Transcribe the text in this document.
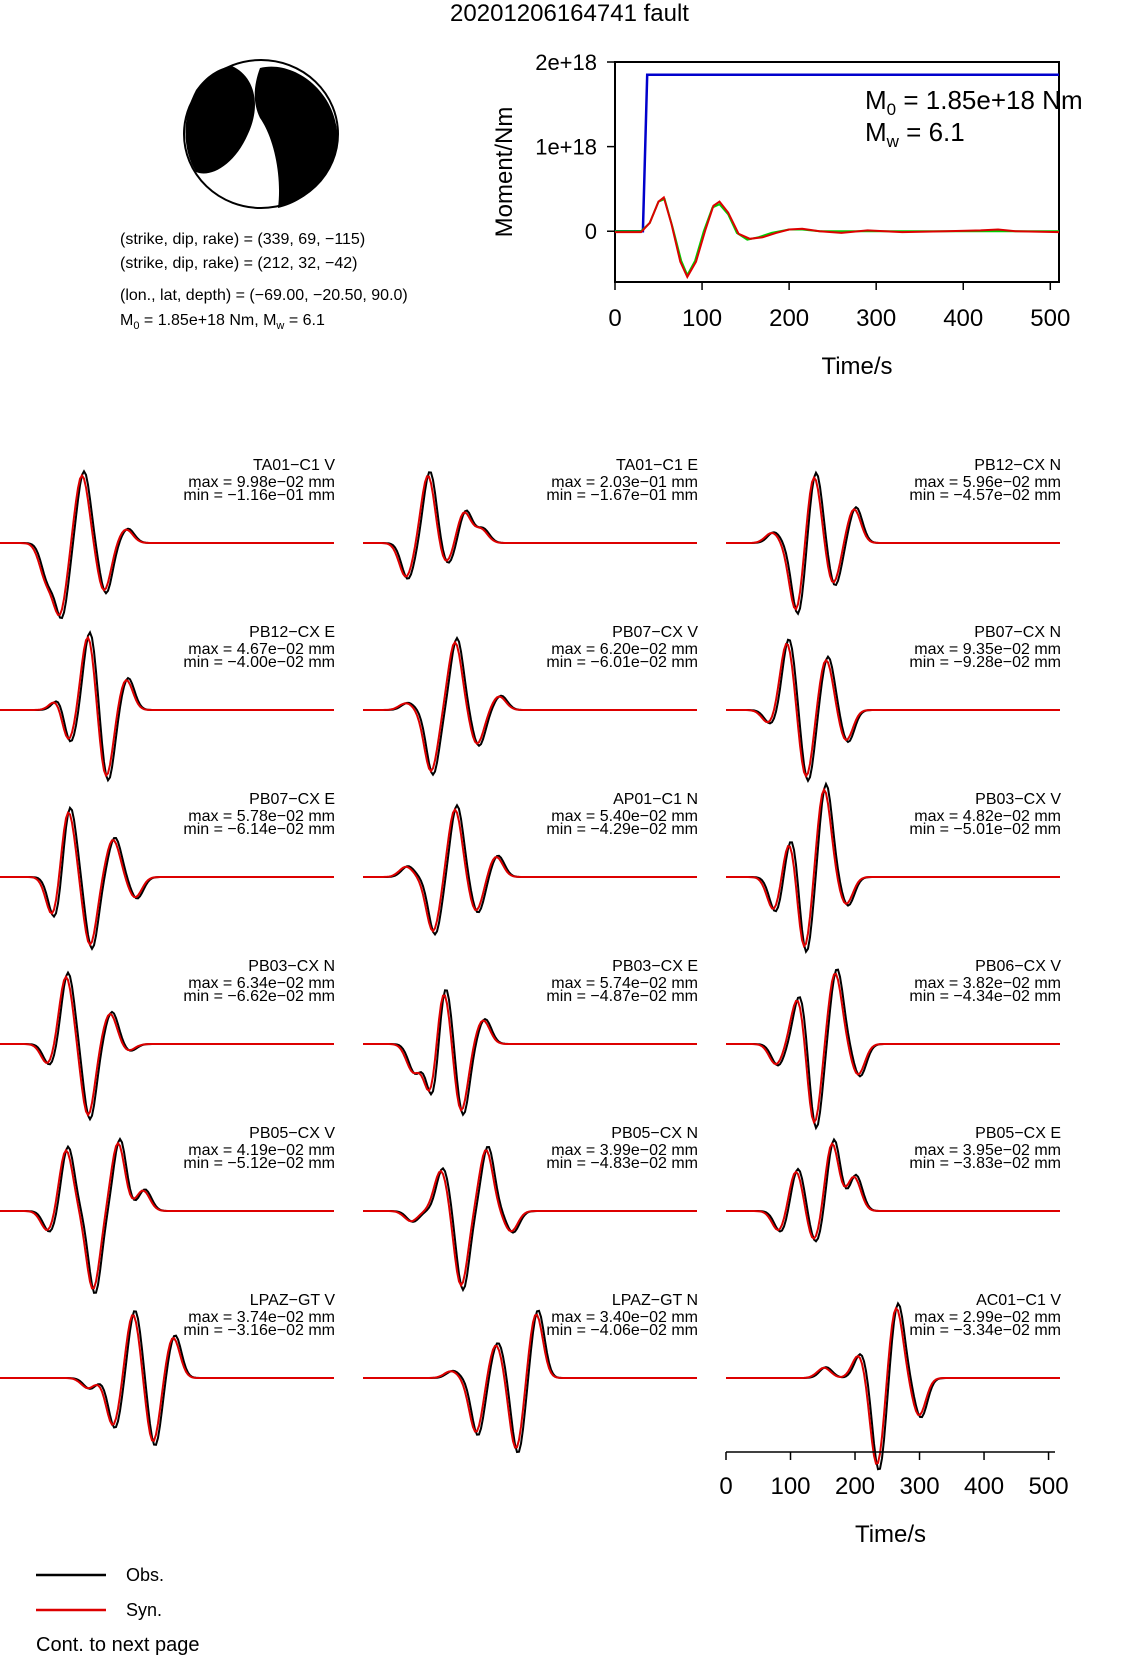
20201206164741 fault
(strike, dip, rake) = (339, 69, −115)
(strike, dip, rake) = (212, 32, −42)
(lon., lat, depth) = (−69.00, −20.50, 90.0)
$M_0 = 1.85e+18$ Nm, $M_w = 6.1$
0
1e+18
2e+18
0	100 200 300 400 500
Time/s
Moment/Nm
$M_0 = 1.85e+18$ Nm
$M_w = 6.1$
TA01−C1 V
max = 9.98e−02 mm
min = −1.16e−01 mm
TA01−C1 E
max = 2.03e−01 mm
min = −1.67e−01 mm
PB12−CX N
max = 5.96e−02 mm
min = −4.57e−02 mm
PB12−CX E
max = 4.67e−02 mm
min = −4.00e−02 mm
PB07−CX V
max = 6.20e−02 mm
min = −6.01e−02 mm
PB07−CX N
max = 9.35e−02 mm
min = −9.28e−02 mm
PB07−CX E
max = 5.78e−02 mm
min = −6.14e−02 mm
AP01−C1 N
max = 5.40e−02 mm
min = −4.29e−02 mm
PB03−CX V
max = 4.82e−02 mm
min = −5.01e−02 mm
PB03−CX N
max = 6.34e−02 mm
min = −6.62e−02 mm
PB03−CX E
max = 5.74e−02 mm
min = −4.87e−02 mm
PB06−CX V
max = 3.82e−02 mm
min = −4.34e−02 mm
PB05−CX V
max = 4.19e−02 mm
min = −5.12e−02 mm
PB05−CX N
max = 3.99e−02 mm
min = −4.83e−02 mm
PB05−CX E
max = 3.95e−02 mm
min = −3.83e−02 mm
LPAZ−GT V
max = 3.74e−02 mm
min = −3.16e−02 mm
LPAZ−GT N
max = 3.40e−02 mm
min = −4.06e−02 mm
AC01−C1 V
max = 2.99e−02 mm
min = −3.34e−02 mm
0 100 200 300 400 500
Time/s
Obs.
Syn.
Cont. to next page
